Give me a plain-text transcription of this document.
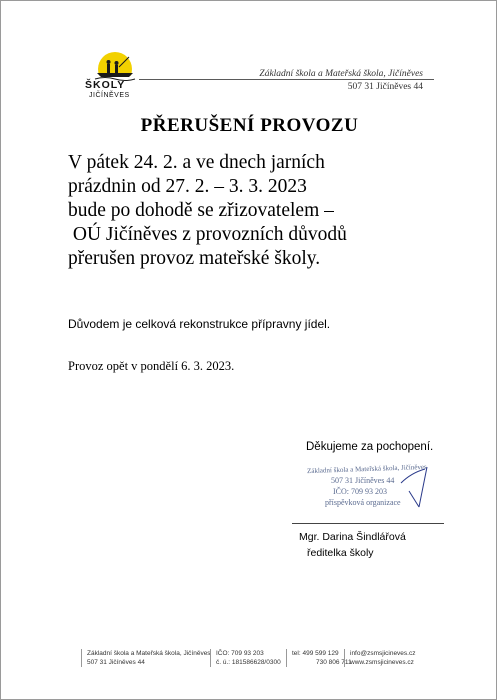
ŠKOLY
JIČÍNĚVES
Základní škola a Mateřská škola, Jičíněves
507 31 Jičíněves 44
PŘERUŠENÍ PROVOZU
V pátek 24. 2. a ve dnech jarních
prázdnin od 27. 2. – 3. 3. 2023
bude po dohodě se zřizovatelem –
OÚ Jičíněves z provozních důvodů
přerušen provoz mateřské školy.
Důvodem je celková rekonstrukce přípravny jídel.
Provoz opět v pondělí 6. 3. 2023.
Děkujeme za pochopení.
Základní škola a Mateřská škola, Jičíněves
507 31 Jičíněves 44
IČO: 709 93 203
příspěvková organizace
Mgr. Darina Šindlářová
ředitelka školy
Základní škola a Mateřská škola, Jičíněves
507 31 Jičíněves 44
IČO: 709 93 203
č. ú.: 181586628/0300
tel: 499 599 129
730 806 711
info@zsmsjicineves.cz
www.zsmsjicineves.cz
